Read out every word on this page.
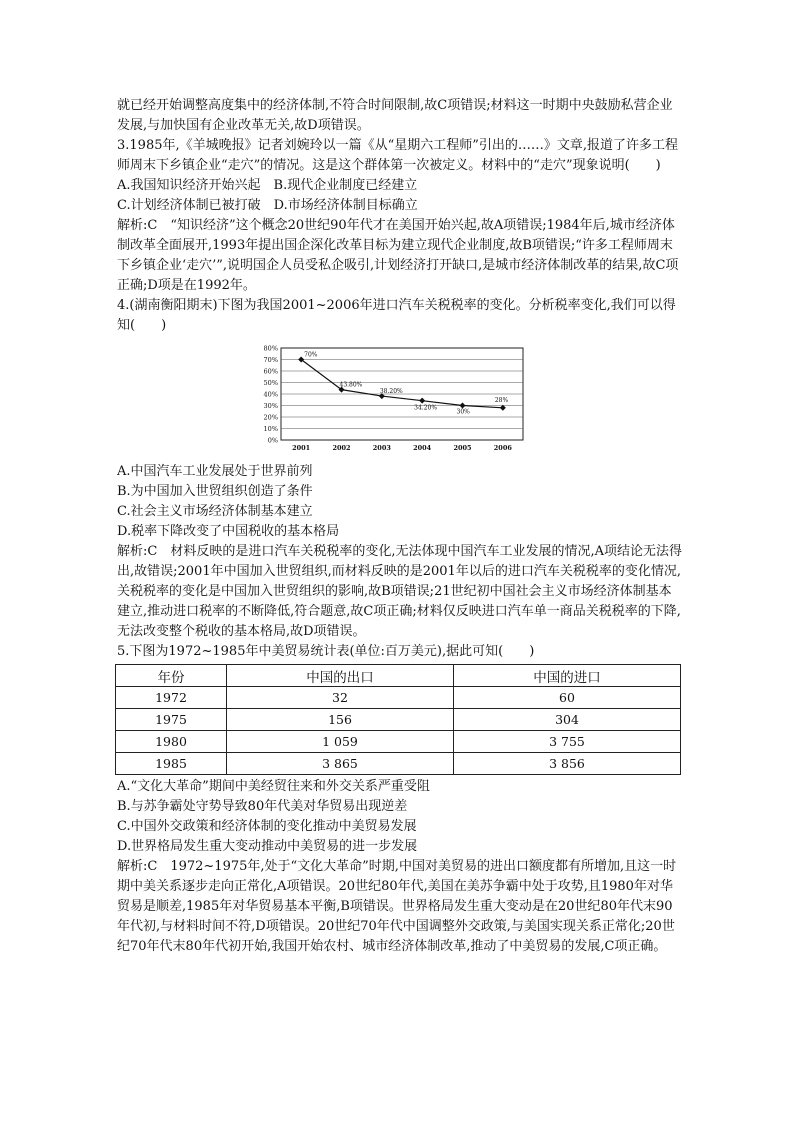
就已经开始调整高度集中的经济体制,不符合时间限制,故C项错误;材料这一时期中央鼓励私营企业发展,与加快国有企业改革无关,故D项错误。

3.1985年,《羊城晚报》记者刘婉玲以一篇《从“星期六工程师”引出的……》文章,报道了许多工程师周末下乡镇企业“走穴”的情况。这是这个群体第一次被定义。材料中的“走穴”现象说明(　　)

A.我国知识经济开始兴起　B.现代企业制度已经建立

C.计划经济体制已被打破　D.市场经济体制目标确立

解析:C　“知识经济”这个概念20世纪90年代才在美国开始兴起,故A项错误;1984年后,城市经济体制改革全面展开,1993年提出国企深化改革目标为建立现代企业制度,故B项错误;“许多工程师周末下乡镇企业‘走穴’”,说明国企人员受私企吸引,计划经济打开缺口,是城市经济体制改革的结果,故C项正确;D项是在1992年。

4.(湖南衡阳期末)下图为我国2001~2006年进口汽车关税税率的变化。分析税率变化,我们可以得知(　　)

0%
10%
20%
30%
40%
50%
60%
70%
80%
2001	2002	2003	2004	2005	2006
70%
43.80%
38.20%
34.20%
30%
28%

A.中国汽车工业发展处于世界前列

B.为中国加入世贸组织创造了条件

C.社会主义市场经济体制基本建立

D.税率下降改变了中国税收的基本格局

解析:C　材料反映的是进口汽车关税税率的变化,无法体现中国汽车工业发展的情况,A项结论无法得出,故错误;2001年中国加入世贸组织,而材料反映的是2001年以后的进口汽车关税税率的变化情况,关税税率的变化是中国加入世贸组织的影响,故B项错误;21世纪初中国社会主义市场经济体制基本建立,推动进口税率的不断降低,符合题意,故C项正确;材料仅反映进口汽车单一商品关税税率的下降,无法改变整个税收的基本格局,故D项错误。

5.下图为1972~1985年中美贸易统计表(单位:百万美元),据此可知(　　)

年份	中国的出口	中国的进口
1972	32	60
1975	156	304
1980	1 059	3 755
1985	3 865	3 856

A.“文化大革命”期间中美经贸往来和外交关系严重受阻

B.与苏争霸处守势导致80年代美对华贸易出现逆差

C.中国外交政策和经济体制的变化推动中美贸易发展

D.世界格局发生重大变动推动中美贸易的进一步发展

解析:C　1972~1975年,处于“文化大革命”时期,中国对美贸易的进出口额度都有所增加,且这一时期中美关系逐步走向正常化,A项错误。20世纪80年代,美国在美苏争霸中处于攻势,且1980年对华贸易是顺差,1985年对华贸易基本平衡,B项错误。世界格局发生重大变动是在20世纪80年代末90年代初,与材料时间不符,D项错误。20世纪70年代中国调整外交政策,与美国实现关系正常化;20世纪70年代末80年代初开始,我国开始农村、城市经济体制改革,推动了中美贸易的发展,C项正确。
